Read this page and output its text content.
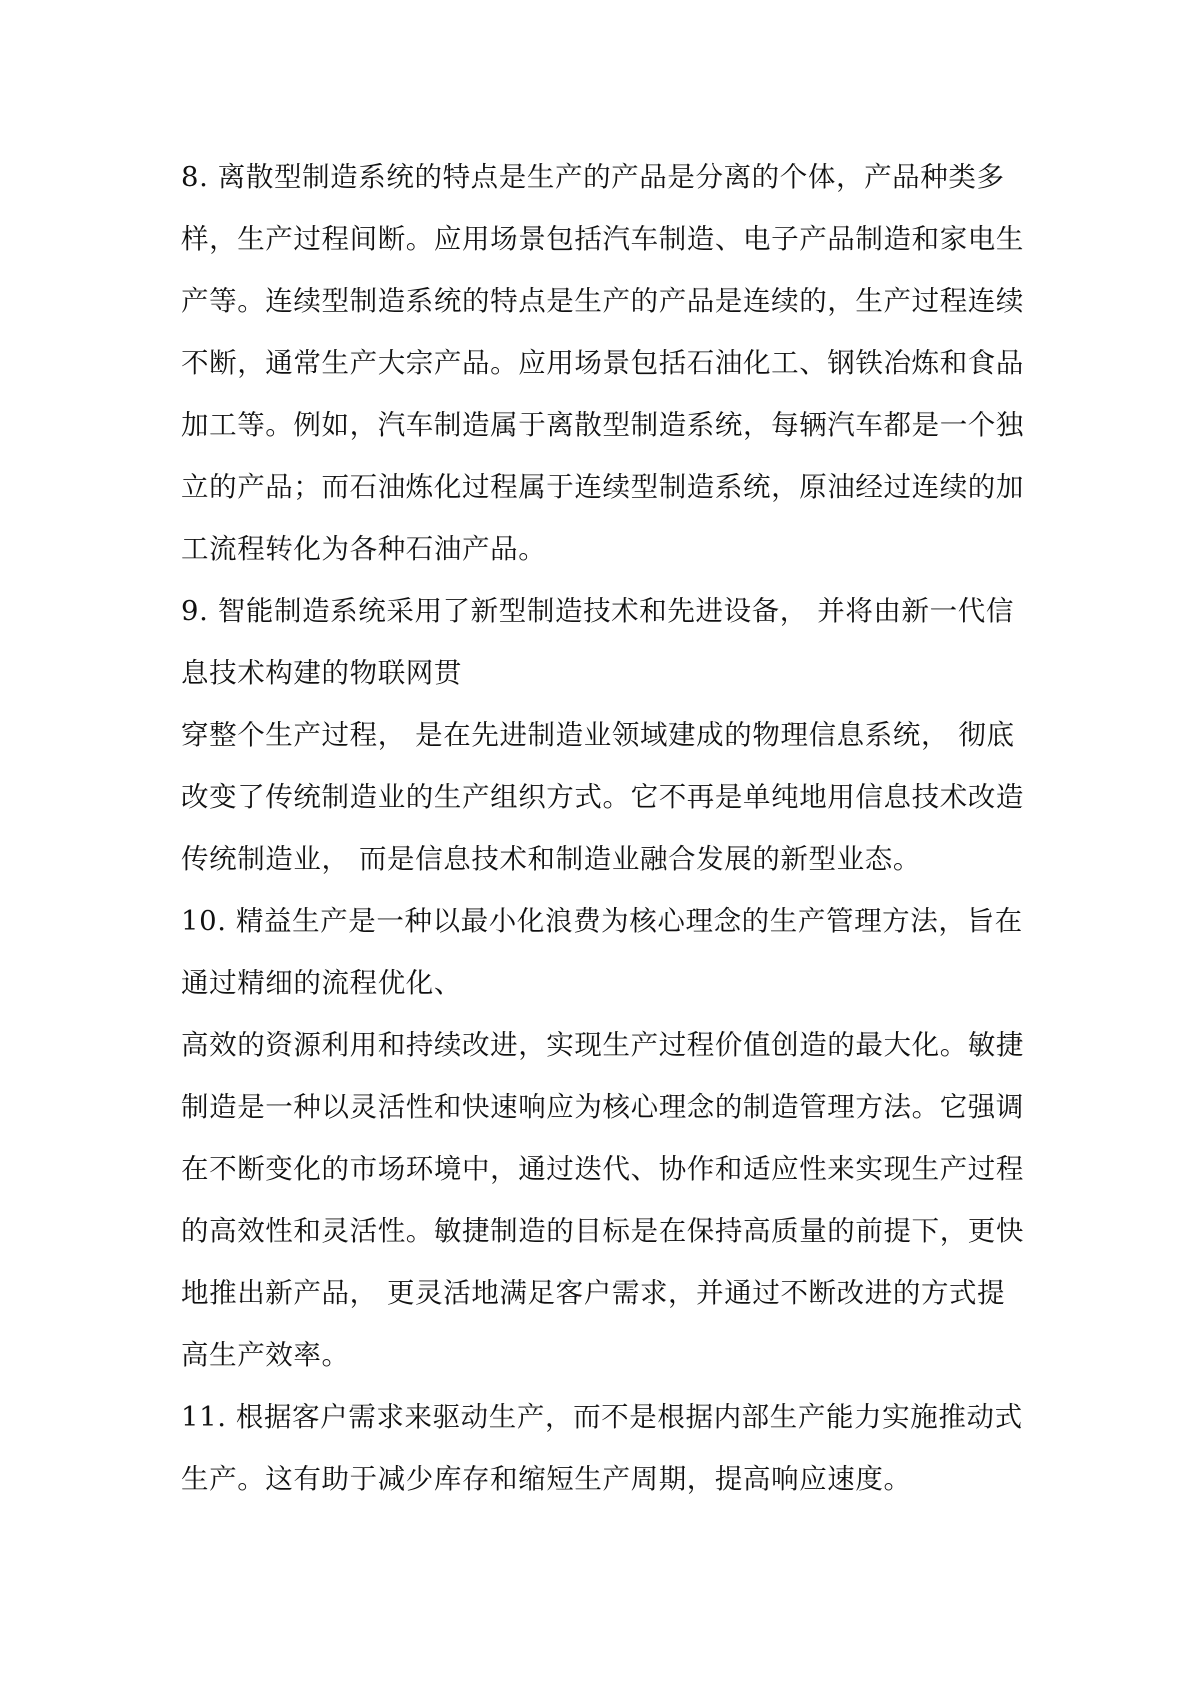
8. 离散型制造系统的特点是生产的产品是分离的个体，产品种类多
样，生产过程间断。应用场景包括汽车制造、电子产品制造和家电生
产等。连续型制造系统的特点是生产的产品是连续的，生产过程连续
不断，通常生产大宗产品。应用场景包括石油化工、钢铁冶炼和食品
加工等。例如，汽车制造属于离散型制造系统，每辆汽车都是一个独
立的产品；而石油炼化过程属于连续型制造系统，原油经过连续的加
工流程转化为各种石油产品。
9. 智能制造系统采用了新型制造技术和先进设备， 并将由新一代信
息技术构建的物联网贯
穿整个生产过程， 是在先进制造业领域建成的物理信息系统， 彻底
改变了传统制造业的生产组织方式。它不再是单纯地用信息技术改造
传统制造业， 而是信息技术和制造业融合发展的新型业态。
10. 精益生产是一种以最小化浪费为核心理念的生产管理方法，旨在
通过精细的流程优化、
高效的资源利用和持续改进，实现生产过程价值创造的最大化。敏捷
制造是一种以灵活性和快速响应为核心理念的制造管理方法。它强调
在不断变化的市场环境中，通过迭代、协作和适应性来实现生产过程
的高效性和灵活性。敏捷制造的目标是在保持高质量的前提下，更快
地推出新产品， 更灵活地满足客户需求，并通过不断改进的方式提
高生产效率。
11. 根据客户需求来驱动生产，而不是根据内部生产能力实施推动式
生产。这有助于减少库存和缩短生产周期，提高响应速度。
